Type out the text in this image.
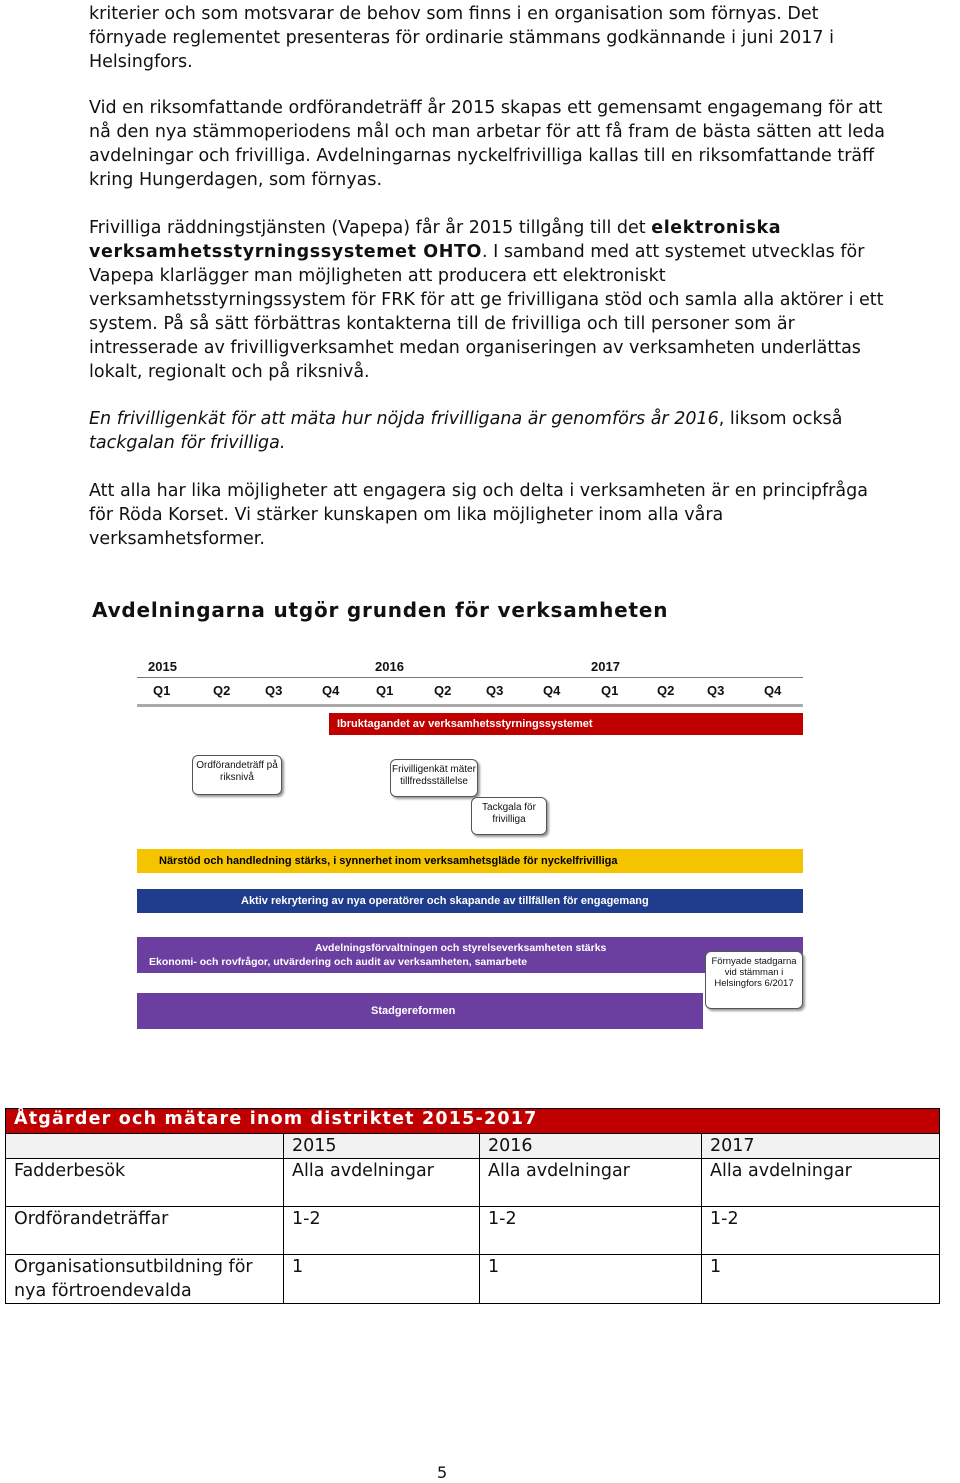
kriterier och som motsvarar de behov som finns i en organisation som förnyas. Det förnyade reglementet presenteras för ordinarie stämmans godkännande i juni 2017 i Helsingfors.

Vid en riksomfattande ordförandeträff år 2015 skapas ett gemensamt engagemang för att nå den nya stämmoperiodens mål och man arbetar för att få fram de bästa sätten att leda avdelningar och frivilliga. Avdelningarnas nyckelfrivilliga kallas till en riksomfattande träff kring Hungerdagen, som förnyas.

Frivilliga räddningstjänsten (Vapepa) får år 2015 tillgång till det elektroniska verksamhetsstyrningssystemet OHTO. I samband med att systemet utvecklas för Vapepa klarlägger man möjligheten att producera ett elektroniskt verksamhetsstyrningssystem för FRK för att ge frivilligana stöd och samla alla aktörer i ett system. På så sätt förbättras kontakterna till de frivilliga och till personer som är intresserade av frivilligverksamhet medan organiseringen av verksamheten underlättas lokalt, regionalt och på riksnivå.

En frivilligenkät för att mäta hur nöjda frivilligana är genomförs år 2016, liksom också tackgalan för frivilliga.

Att alla har lika möjligheter att engagera sig och delta i verksamheten är en principfråga för Röda Korset. Vi stärker kunskapen om lika möjligheter inom alla våra verksamhetsformer.

Avdelningarna utgör grunden för verksamheten
2015	2016	2017
Q1	Q2	Q3	Q4	Q1	Q2	Q3	Q4	Q1	Q2	Q3	Q4
Ibruktagandet av verksamhetsstyrningssystemet
Ordförandeträff på riksnivå
Frivilligenkät mäter tillfredsställelse
Tackgala för frivilliga
Närstöd och handledning stärks, i synnerhet inom verksamhetsgläde för nyckelfrivilliga
Aktiv rekrytering av nya operatörer och skapande av tillfällen för engagemang
Avdelningsförvaltningen och styrelseverksamheten stärks
Ekonomi- och rovfrågor, utvärdering och audit av verksamheten, samarbete	Förnyade stadgarna vid stämman i Helsingfors 6/2017
Stadgereformen
Åtgärder och mätare inom distriktet 2015-2017			
	2015	2016	2017
Fadderbesök	Alla avdelningar	Alla avdelningar	Alla avdelningar
Ordförandeträffar	1-2	1-2	1-2
Organisationsutbildning för nya förtroendevalda	1	1	1
5
